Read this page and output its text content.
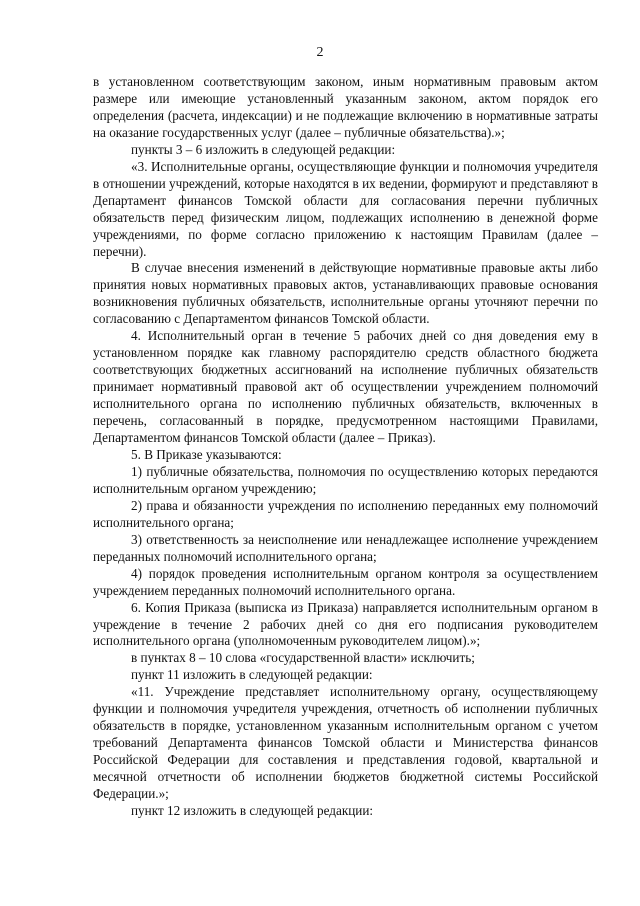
2

в установленном соответствующим законом, иным нормативным правовым актом размере или имеющие установленный указанным законом, актом порядок его определения (расчета, индексации) и не подлежащие включению в нормативные затраты на оказание государственных услуг (далее – публичные обязательства).»;

пункты 3 – 6 изложить в следующей редакции:

«3. Исполнительные органы, осуществляющие функции и полномочия учредителя в отношении учреждений, которые находятся в их ведении, формируют и представляют в Департамент финансов Томской области для согласования перечни публичных обязательств перед физическим лицом, подлежащих исполнению в денежной форме учреждениями, по форме согласно приложению к настоящим Правилам (далее – перечни).

В случае внесения изменений в действующие нормативные правовые акты либо принятия новых нормативных правовых актов, устанавливающих правовые основания возникновения публичных обязательств, исполнительные органы уточняют перечни по согласованию с Департаментом финансов Томской области.

4. Исполнительный орган в течение 5 рабочих дней со дня доведения ему в установленном порядке как главному распорядителю средств областного бюджета соответствующих бюджетных ассигнований на исполнение публичных обязательств принимает нормативный правовой акт об осуществлении учреждением полномочий исполнительного органа по исполнению публичных обязательств, включенных в перечень, согласованный в порядке, предусмотренном настоящими Правилами, Департаментом финансов Томской области (далее – Приказ).

5. В Приказе указываются:

1) публичные обязательства, полномочия по осуществлению которых передаются исполнительным органом учреждению;

2) права и обязанности учреждения по исполнению переданных ему полномочий исполнительного органа;

3) ответственность за неисполнение или ненадлежащее исполнение учреждением переданных полномочий исполнительного органа;

4) порядок проведения исполнительным органом контроля за осуществлением учреждением переданных полномочий исполнительного органа.

6. Копия Приказа (выписка из Приказа) направляется исполнительным органом в учреждение в течение 2 рабочих дней со дня его подписания руководителем исполнительного органа (уполномоченным руководителем лицом).»;

в пунктах 8 – 10 слова «государственной власти» исключить;

пункт 11 изложить в следующей редакции:

«11. Учреждение представляет исполнительному органу, осуществляющему функции и полномочия учредителя учреждения, отчетность об исполнении публичных обязательств в порядке, установленном указанным исполнительным органом с учетом требований Департамента финансов Томской области и Министерства финансов Российской Федерации для составления и представления годовой, квартальной и месячной отчетности об исполнении бюджетов бюджетной системы Российской Федерации.»;

пункт 12 изложить в следующей редакции:
